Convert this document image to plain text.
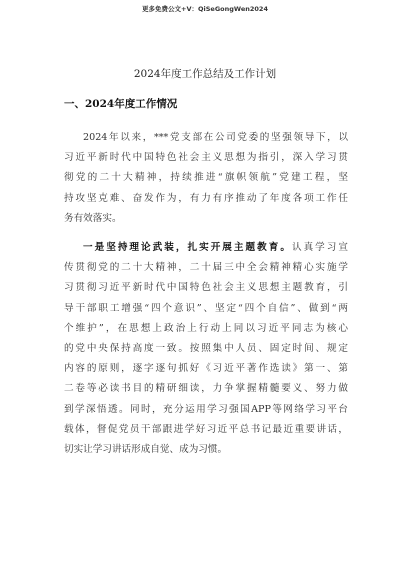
更多免费公文+V：QiSeGongWen2024
2024年度工作总结及工作计划
一、2024年度工作情况
2024年以来，***党支部在公司党委的坚强领导下，以
习近平新时代中国特色社会主义思想为指引，深入学习贯
彻党的二十大精神，持续推进“旗帜领航”党建工程，坚
持攻坚克难、奋发作为，有力有序推动了年度各项工作任
务有效落实。
一是坚持理论武装，扎实开展主题教育。认真学习宣
传贯彻党的二十大精神，二十届三中全会精神精心实施学
习贯彻习近平新时代中国特色社会主义思想主题教育，引
导干部职工增强“四个意识”、坚定“四个自信”、做到“两
个维护”，在思想上政治上行动上同以习近平同志为核心
的党中央保持高度一致。按照集中人员、固定时间、规定
内容的原则，逐字逐句抓好《习近平著作选读》第一、第
二卷等必读书目的精研细读，力争掌握精髓要义、努力做
到学深悟透。同时，充分运用学习强国APP等网络学习平台
载体，督促党员干部跟进学好习近平总书记最近重要讲话，
切实让学习讲话形成自觉、成为习惯。
